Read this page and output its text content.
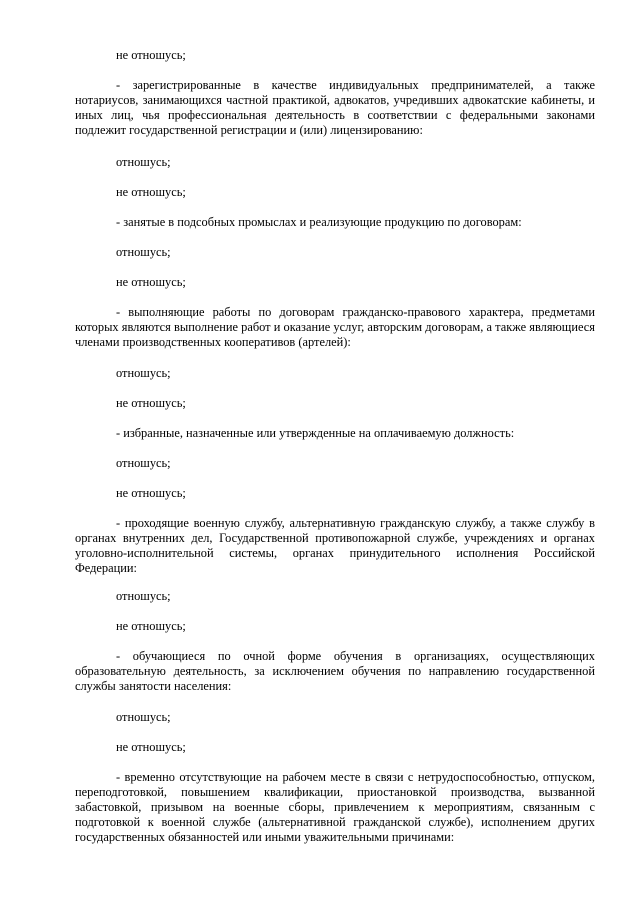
не отношусь;

- зарегистрированные в качестве индивидуальных предпринимателей, а также нотариусов, занимающихся частной практикой, адвокатов, учредивших адвокатские кабинеты, и иных лиц, чья профессиональная деятельность в соответствии с федеральными законами подлежит государственной регистрации и (или) лицензированию:

отношусь;

не отношусь;

- занятые в подсобных промыслах и реализующие продукцию по договорам:

отношусь;

не отношусь;

- выполняющие работы по договорам гражданско-правового характера, предметами которых являются выполнение работ и оказание услуг, авторским договорам, а также являющиеся членами производственных кооперативов (артелей):

отношусь;

не отношусь;

- избранные, назначенные или утвержденные на оплачиваемую должность:

отношусь;

не отношусь;

- проходящие военную службу, альтернативную гражданскую службу, а также службу в органах внутренних дел, Государственной противопожарной службе, учреждениях и органах уголовно-исполнительной системы, органах принудительного исполнения Российской Федерации:

отношусь;

не отношусь;

- обучающиеся по очной форме обучения в организациях, осуществляющих образовательную деятельность, за исключением обучения по направлению государственной службы занятости населения:

отношусь;

не отношусь;

- временно отсутствующие на рабочем месте в связи с нетрудоспособностью, отпуском, переподготовкой, повышением квалификации, приостановкой производства, вызванной забастовкой, призывом на военные сборы, привлечением к мероприятиям, связанным с подготовкой к военной службе (альтернативной гражданской службе), исполнением других государственных обязанностей или иными уважительными причинами:
